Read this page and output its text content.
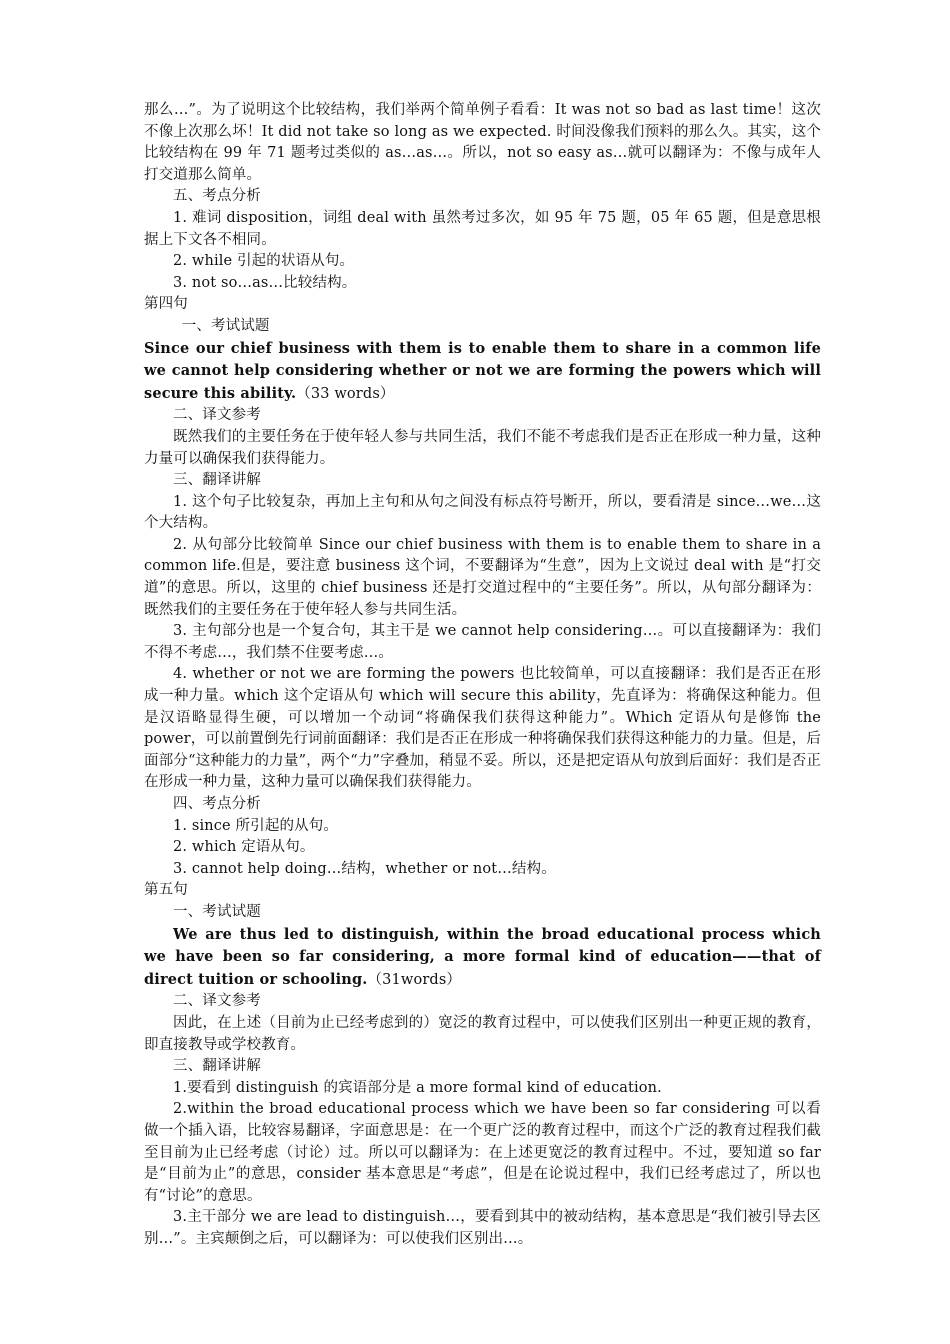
那么…”。为了说明这个比较结构，我们举两个简单例子看看：It was not so bad as last time！这次不像上次那么坏！It did not take so long as we expected. 时间没像我们预料的那么久。其实，这个比较结构在 99 年 71 题考过类似的 as…as…。所以，not so easy as…就可以翻译为：不像与成年人打交道那么简单。

五、考点分析

1. 难词 disposition，词组 deal with 虽然考过多次，如 95 年 75 题，05 年 65 题，但是意思根据上下文各不相同。

2. while 引起的状语从句。

3. not so…as…比较结构。

第四句

一、考试试题

Since our chief business with them is to enable them to share in a common life we cannot help considering whether or not we are forming the powers which will secure this ability.（33 words）

二、译文参考

既然我们的主要任务在于使年轻人参与共同生活，我们不能不考虑我们是否正在形成一种力量，这种力量可以确保我们获得能力。

三、翻译讲解

1. 这个句子比较复杂，再加上主句和从句之间没有标点符号断开，所以，要看清是 since…we…这个大结构。

2. 从句部分比较简单 Since our chief business with them is to enable them to share in a common life.但是，要注意 business 这个词，不要翻译为“生意”，因为上文说过 deal with 是“打交道”的意思。所以，这里的 chief business 还是打交道过程中的“主要任务”。所以，从句部分翻译为：既然我们的主要任务在于使年轻人参与共同生活。

3. 主句部分也是一个复合句，其主干是 we cannot help considering…。可以直接翻译为：我们不得不考虑…，我们禁不住要考虑…。

4. whether or not we are forming the powers 也比较简单，可以直接翻译：我们是否正在形成一种力量。which 这个定语从句 which will secure this ability，先直译为：将确保这种能力。但是汉语略显得生硬，可以增加一个动词“将确保我们获得这种能力”。Which 定语从句是修饰 the power，可以前置倒先行词前面翻译：我们是否正在形成一种将确保我们获得这种能力的力量。但是，后面部分“这种能力的力量”，两个“力”字叠加，稍显不妥。所以，还是把定语从句放到后面好：我们是否正在形成一种力量，这种力量可以确保我们获得能力。

四、考点分析

1. since 所引起的从句。

2. which 定语从句。

3. cannot help doing…结构，whether or not…结构。

第五句

一、考试试题

We are thus led to distinguish, within the broad educational process which we have been so far considering, a more formal kind of education——that of direct tuition or schooling.（31words）

二、译文参考

因此，在上述（目前为止已经考虑到的）宽泛的教育过程中，可以使我们区别出一种更正规的教育，即直接教导或学校教育。

三、翻译讲解

1.要看到 distinguish 的宾语部分是 a more formal kind of education.

2.within the broad educational process which we have been so far considering 可以看做一个插入语，比较容易翻译，字面意思是：在一个更广泛的教育过程中，而这个广泛的教育过程我们截至目前为止已经考虑（讨论）过。所以可以翻译为：在上述更宽泛的教育过程中。不过，要知道 so far 是“目前为止”的意思，consider 基本意思是“考虑”，但是在论说过程中，我们已经考虑过了，所以也有“讨论”的意思。

3.主干部分 we are lead to distinguish…，要看到其中的被动结构，基本意思是“我们被引导去区别…”。主宾颠倒之后，可以翻译为：可以使我们区别出…。
